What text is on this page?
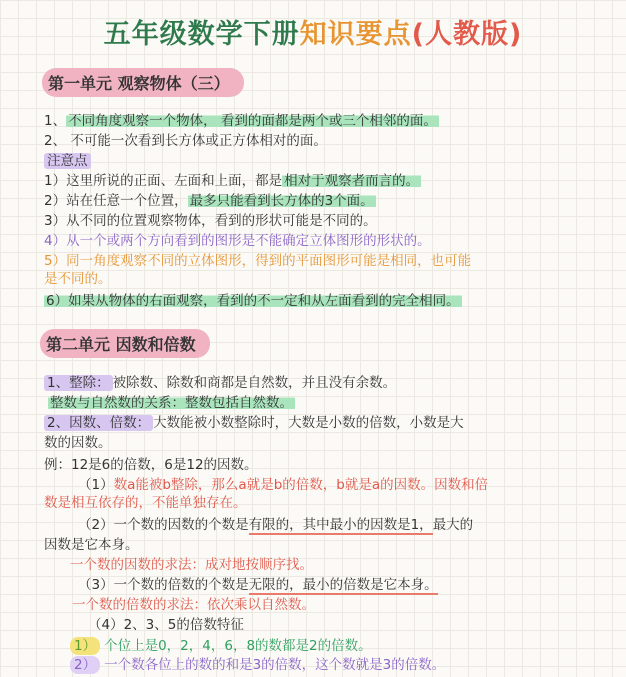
五年级数学下册知识要点(人教版)
第一单元 观察物体（三）
1、 不同角度观察一个物体， 看到的面都是两个或三个相邻的面。
2、 不可能一次看到长方体或正方体相对的面。
注意点
1）这里所说的正面、左面和上面，都是 相对于观察者而言的。
2）站在任意一个位置， 最多只能看到长方体的3个面。
3）从不同的位置观察物体，看到的形状可能是不同的。
4）从一个或两个方向看到的图形是不能确定立体图形的形状的。
5）同一角度观察不同的立体图形，得到的平面图形可能是相同，也可能
是不同的。
6）如果从物体的右面观察，看到的不一定和从左面看到的完全相同。
第二单元 因数和倍数
1、整除： 被除数、除数和商都是自然数，并且没有余数。
整数与自然数的关系：整数包括自然数。
2、因数、倍数： 大数能被小数整除时，大数是小数的倍数，小数是大
数的因数。
例：12是6的倍数，6是12的因数。
（1）数a能被b整除，那么a就是b的倍数，b就是a的因数。因数和倍
数是相互依存的，不能单独存在。
（2）一个数的因数的个数是有限的，其中最小的因数是1，最大的
因数是它本身。
一个数的因数的求法：成对地按顺序找。
（3）一个数的倍数的个数是无限的，最小的倍数是它本身。
一个数的倍数的求法：依次乘以自然数。
（4）2、3、5的倍数特征
1） 个位上是0，2，4，6，8的数都是2的倍数。
2） 一个数各位上的数的和是3的倍数，这个数就是3的倍数。
